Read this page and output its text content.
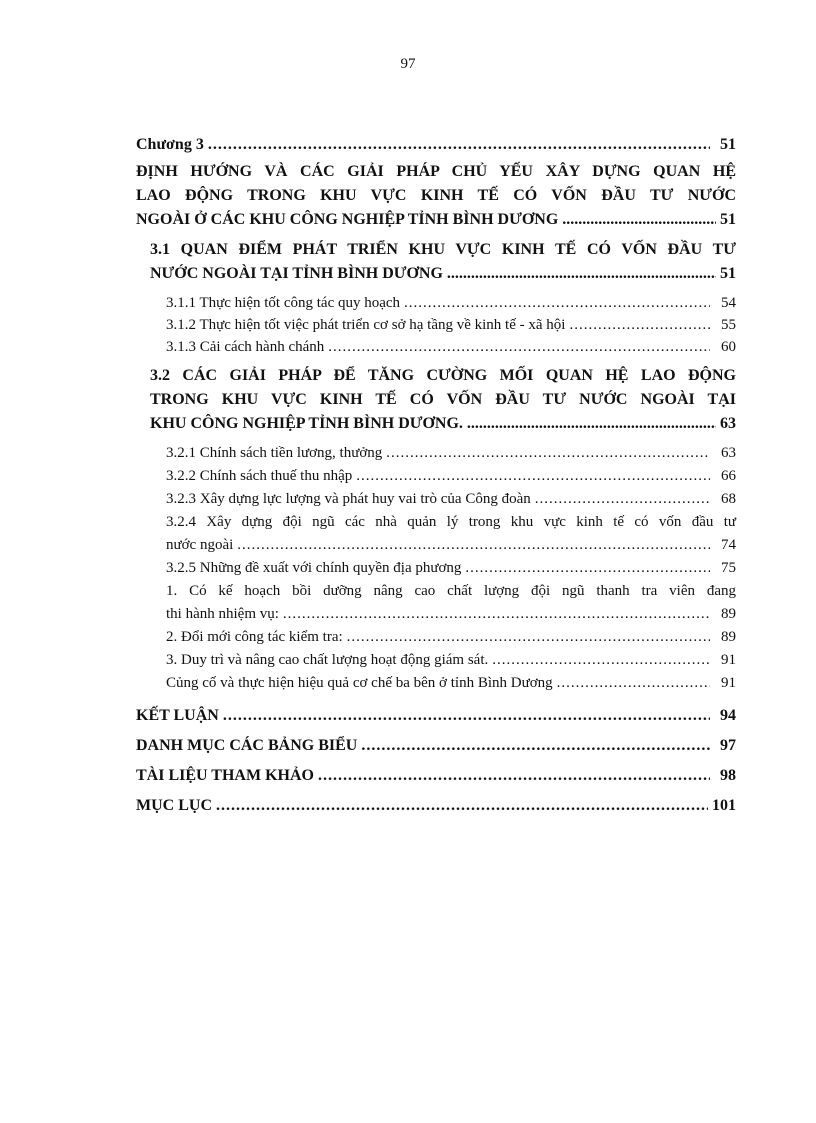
97
Chương 3 .....	51
ĐỊNH HƯỚNG VÀ CÁC GIẢI PHÁP CHỦ YẾU XÂY DỰNG QUAN HỆ
LAO ĐỘNG TRONG KHU VỰC KINH TẾ CÓ VỐN ĐẦU TƯ NƯỚC
NGOÀI Ở CÁC KHU CÔNG NGHIỆP TỈNH BÌNH DƯƠNG .....	51
3.1 QUAN ĐIỂM PHÁT TRIỂN KHU VỰC KINH TẾ CÓ VỐN ĐẦU TƯ
NƯỚC NGOÀI TẠI TỈNH BÌNH DƯƠNG .....	51
3.1.1 Thực hiện tốt công tác quy hoạch .....	54
3.1.2 Thực hiện tốt việc phát triển cơ sở hạ tầng về kinh tế - xã hội .....	55
3.1.3 Cải cách hành chánh .....	60
3.2 CÁC GIẢI PHÁP ĐỂ TĂNG CƯỜNG MỐI QUAN HỆ LAO ĐỘNG
TRONG KHU VỰC KINH TẾ CÓ VỐN ĐẦU TƯ NƯỚC NGOÀI TẠI
KHU CÔNG NGHIỆP TỈNH BÌNH DƯƠNG. .....	63
3.2.1 Chính sách tiền lương, thưởng .....	63
3.2.2 Chính sách thuế thu nhập .....	66
3.2.3 Xây dựng lực lượng và phát huy vai trò của Công đoàn .....	68
3.2.4 Xây dựng đội ngũ các nhà quản lý trong khu vực kinh tế có vốn đầu tư
nước ngoài .....	74
3.2.5 Những đề xuất với chính quyền địa phương .....	75
1. Có kế hoạch bồi dưỡng nâng cao chất lượng đội ngũ thanh tra viên đang
thi hành nhiệm vụ: .....	89
2. Đổi mới công tác kiểm tra: .....	89
3. Duy trì và nâng cao chất lượng hoạt động giám sát. .....	91
Củng cố và thực hiện hiệu quả cơ chế ba bên ở tỉnh Bình Dương .....	91
KẾT LUẬN .....	94
DANH MỤC CÁC BẢNG BIỂU .....	97
TÀI LIỆU THAM KHẢO .....	98
MỤC LỤC .....	101
